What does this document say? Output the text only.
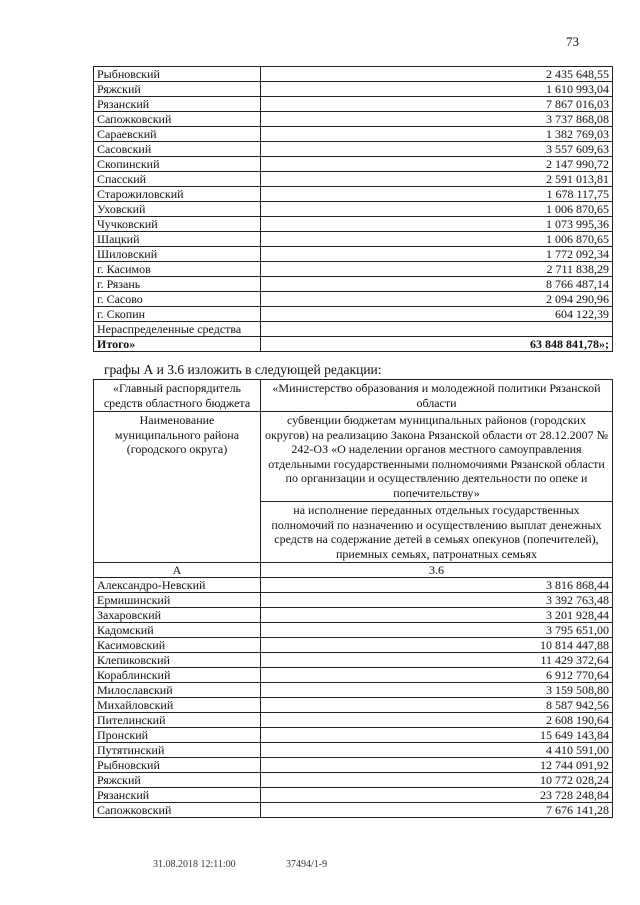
73
Рыбновский	2 435 648,55
Ряжский	1 610 993,04
Рязанский	7 867 016,03
Сапожковский	3 737 868,08
Сараевский	1 382 769,03
Сасовский	3 557 609,63
Скопинский	2 147 990,72
Спасский	2 591 013,81
Старожиловский	1 678 117,75
Уховский	1 006 870,65
Чучковский	1 073 995,36
Шацкий	1 006 870,65
Шиловский	1 772 092,34
г. Касимов	2 711 838,29
г. Рязань	8 766 487,14
г. Сасово	2 094 290,96
г. Скопин	604 122,39
Нераспределенные средства	
Итого»	63 848 841,78»;
графы А и 3.6 изложить в следующей редакции:
«Главный распорядитель средств областного бюджета	«Министерство образования и молодежной политики Рязанской области
Наименование муниципального района (городского округа)	субвенции бюджетам муниципальных районов (городских округов) на реализацию Закона Рязанской области от 28.12.2007 № 242-ОЗ «О наделении органов местного самоуправления отдельными государственными полномочиями Рязанской области по организации и осуществлению деятельности по опеке и попечительству»
	на исполнение переданных отдельных государственных полномочий по назначению и осуществлению выплат денежных средств на содержание детей в семьях опекунов (попечителей), приемных семьях, патронатных семьях
А	3.6
Александро-Невский	3 816 868,44
Ермишинский	3 392 763,48
Захаровский	3 201 928,44
Кадомский	3 795 651,00
Касимовский	10 814 447,88
Клепиковский	11 429 372,64
Кораблинский	6 912 770,64
Милославский	3 159 508,80
Михайловский	8 587 942,56
Пителинский	2 608 190,64
Пронский	15 649 143,84
Путятинский	4 410 591,00
Рыбновский	12 744 091,92
Ряжский	10 772 028,24
Рязанский	23 728 248,84
Сапожковский	7 676 141,28
31.08.2018 12:11:00	37494/1-9
